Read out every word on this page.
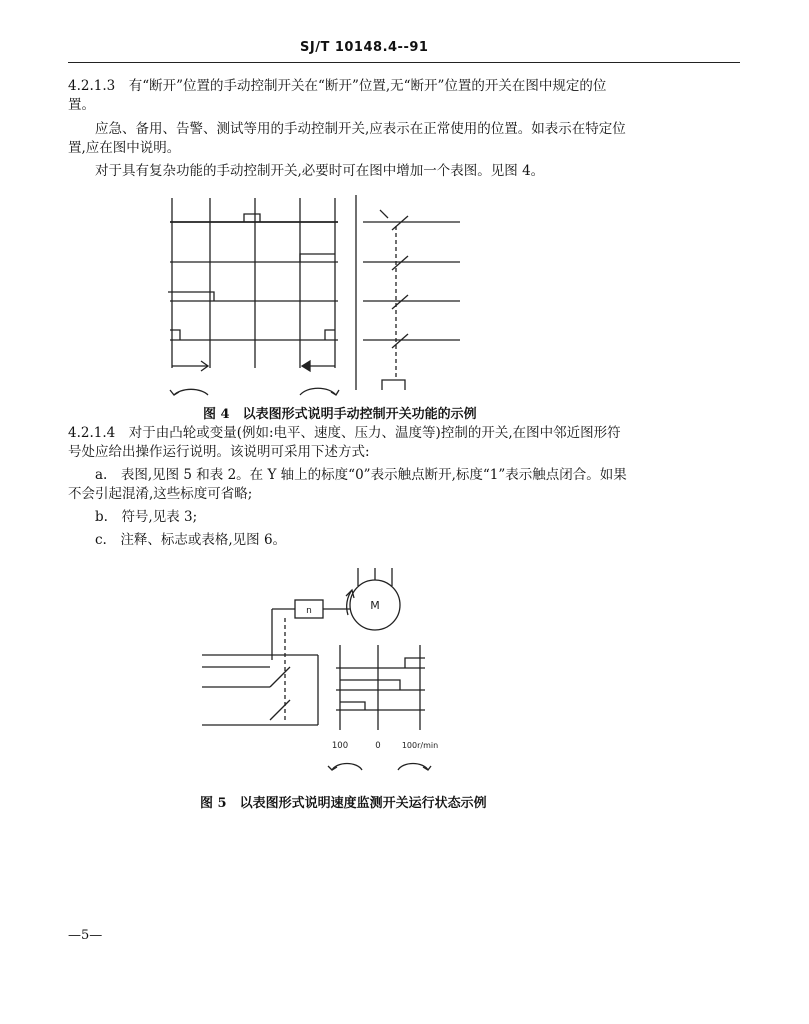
SJ/T 10148.4--91
4.2.1.3　 有“断开”位置的手动控制开关在“断开”位置,无“断开”位置的开关在图中规定的位
置。
应急、备用、告警、测试等用的手动控制开关,应表示在正常使用的位置。如表示在特定位
置,应在图中说明。
对于具有复杂功能的手动控制开关,必要时可在图中增加一个表图。见图 4。
图 4　以表图形式说明手动控制开关功能的示例
4.2.1.4　 对于由凸轮或变量(例如:电平、速度、压力、温度等)控制的开关,在图中邻近图形符
号处应给出操作运行说明。该说明可采用下述方式:
a.　 表图,见图 5 和表 2。在 Y 轴上的标度“0”表示触点断开,标度“1”表示触点闭合。如果
不会引起混淆,这些标度可省略;
b.　 符号,见表 3;
c.　 注释、标志或表格,见图 6。
n	M
100	0	100r/min
图 5　以表图形式说明速度监测开关运行状态示例
—5—
